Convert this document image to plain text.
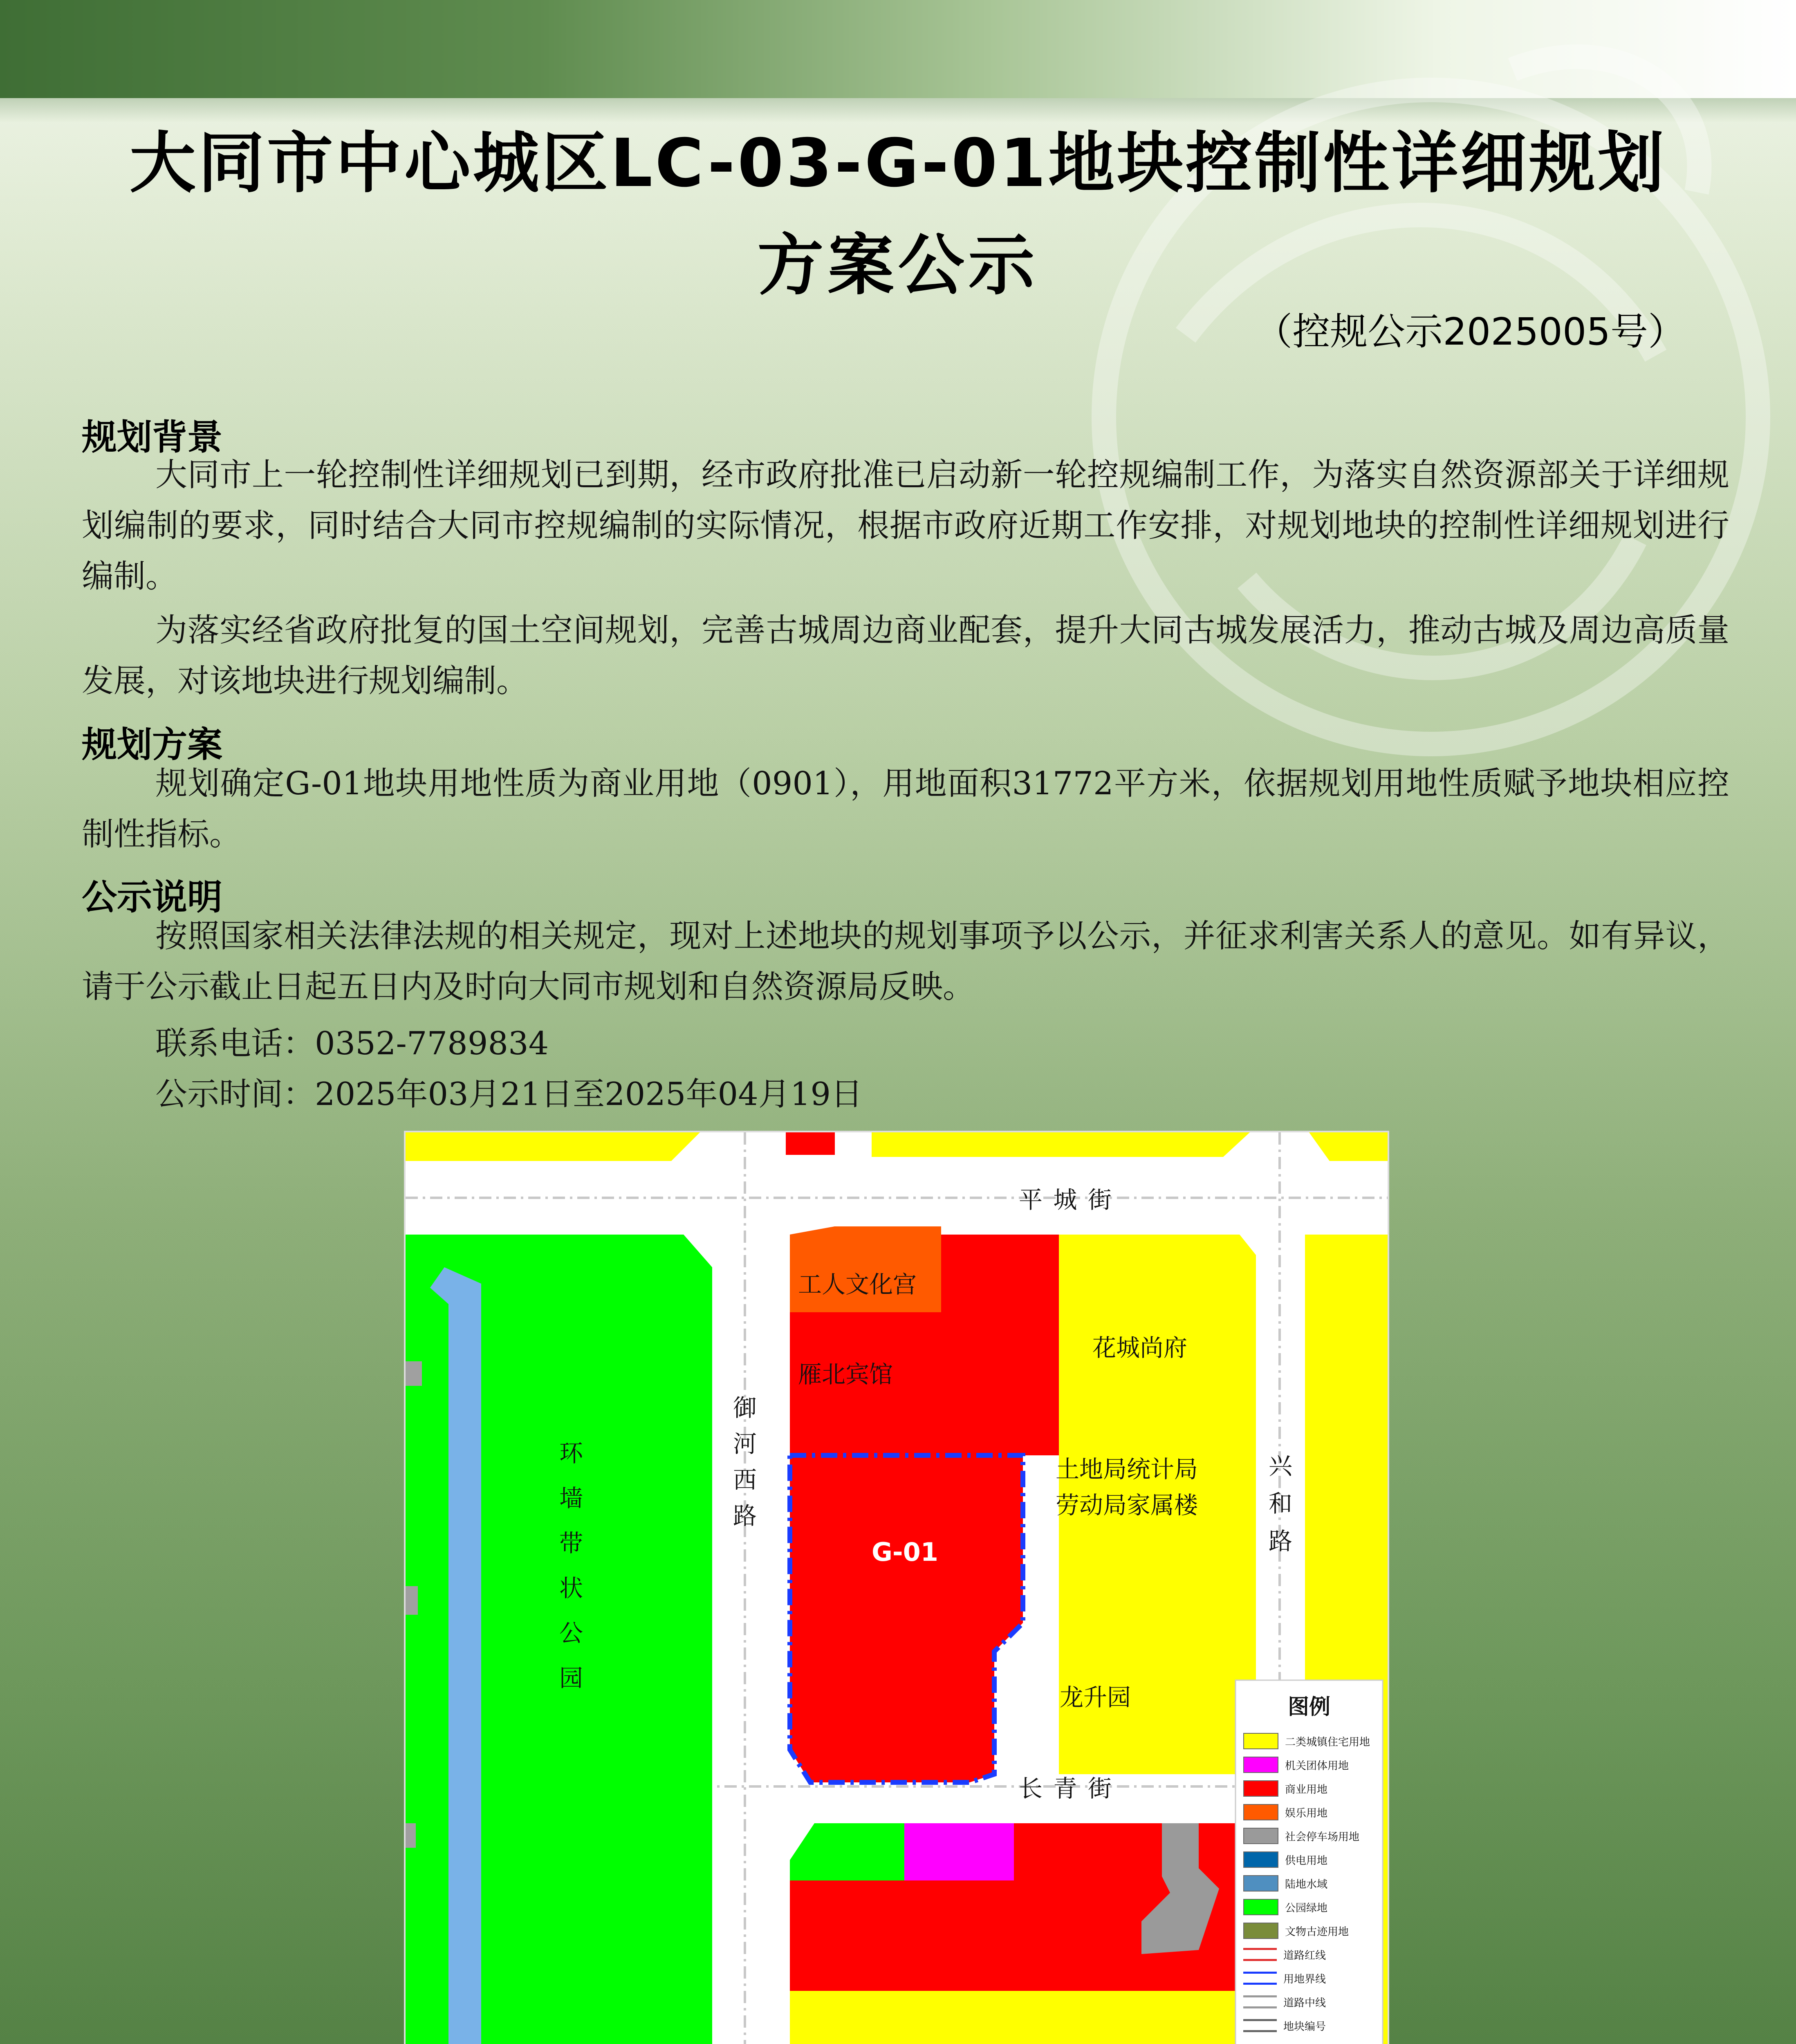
大同市中心城区LC-03-G-01地块控制性详细规划
方案公示
（控规公示2025005号）
规划背景
大同市上一轮控制性详细规划已到期，经市政府批准已启动新一轮控规编制工作，为落实自然资源部关于详细规划编制的要求，同时结合大同市控规编制的实际情况，根据市政府近期工作安排，对规划地块的控制性详细规划进行编制。
为落实经省政府批复的国土空间规划，完善古城周边商业配套，提升大同古城发展活力，推动古城及周边高质量发展，对该地块进行规划编制。
规划方案
规划确定G-01地块用地性质为商业用地（0901），用地面积31772平方米，依据规划用地性质赋予地块相应控制性指标。
公示说明
按照国家相关法律法规的相关规定，现对上述地块的规划事项予以公示，并征求利害关系人的意见。如有异议，请于公示截止日起五日内及时向大同市规划和自然资源局反映。
联系电话：0352-7789834
公示时间：2025年03月21日至2025年04月19日
平 城 街
长 青 街
御
河
西
路
兴
和
路
环
墙
带
状
公
园
工人文化宫
雁北宾馆
花城尚府
土地局统计局
劳动局家属楼
龙升园
G-01
图例
二类城镇住宅用地
机关团体用地
商业用地
娱乐用地
社会停车场用地
供电用地
陆地水域
公园绿地
文物古迹用地
道路红线
用地界线
道路中线
地块编号
